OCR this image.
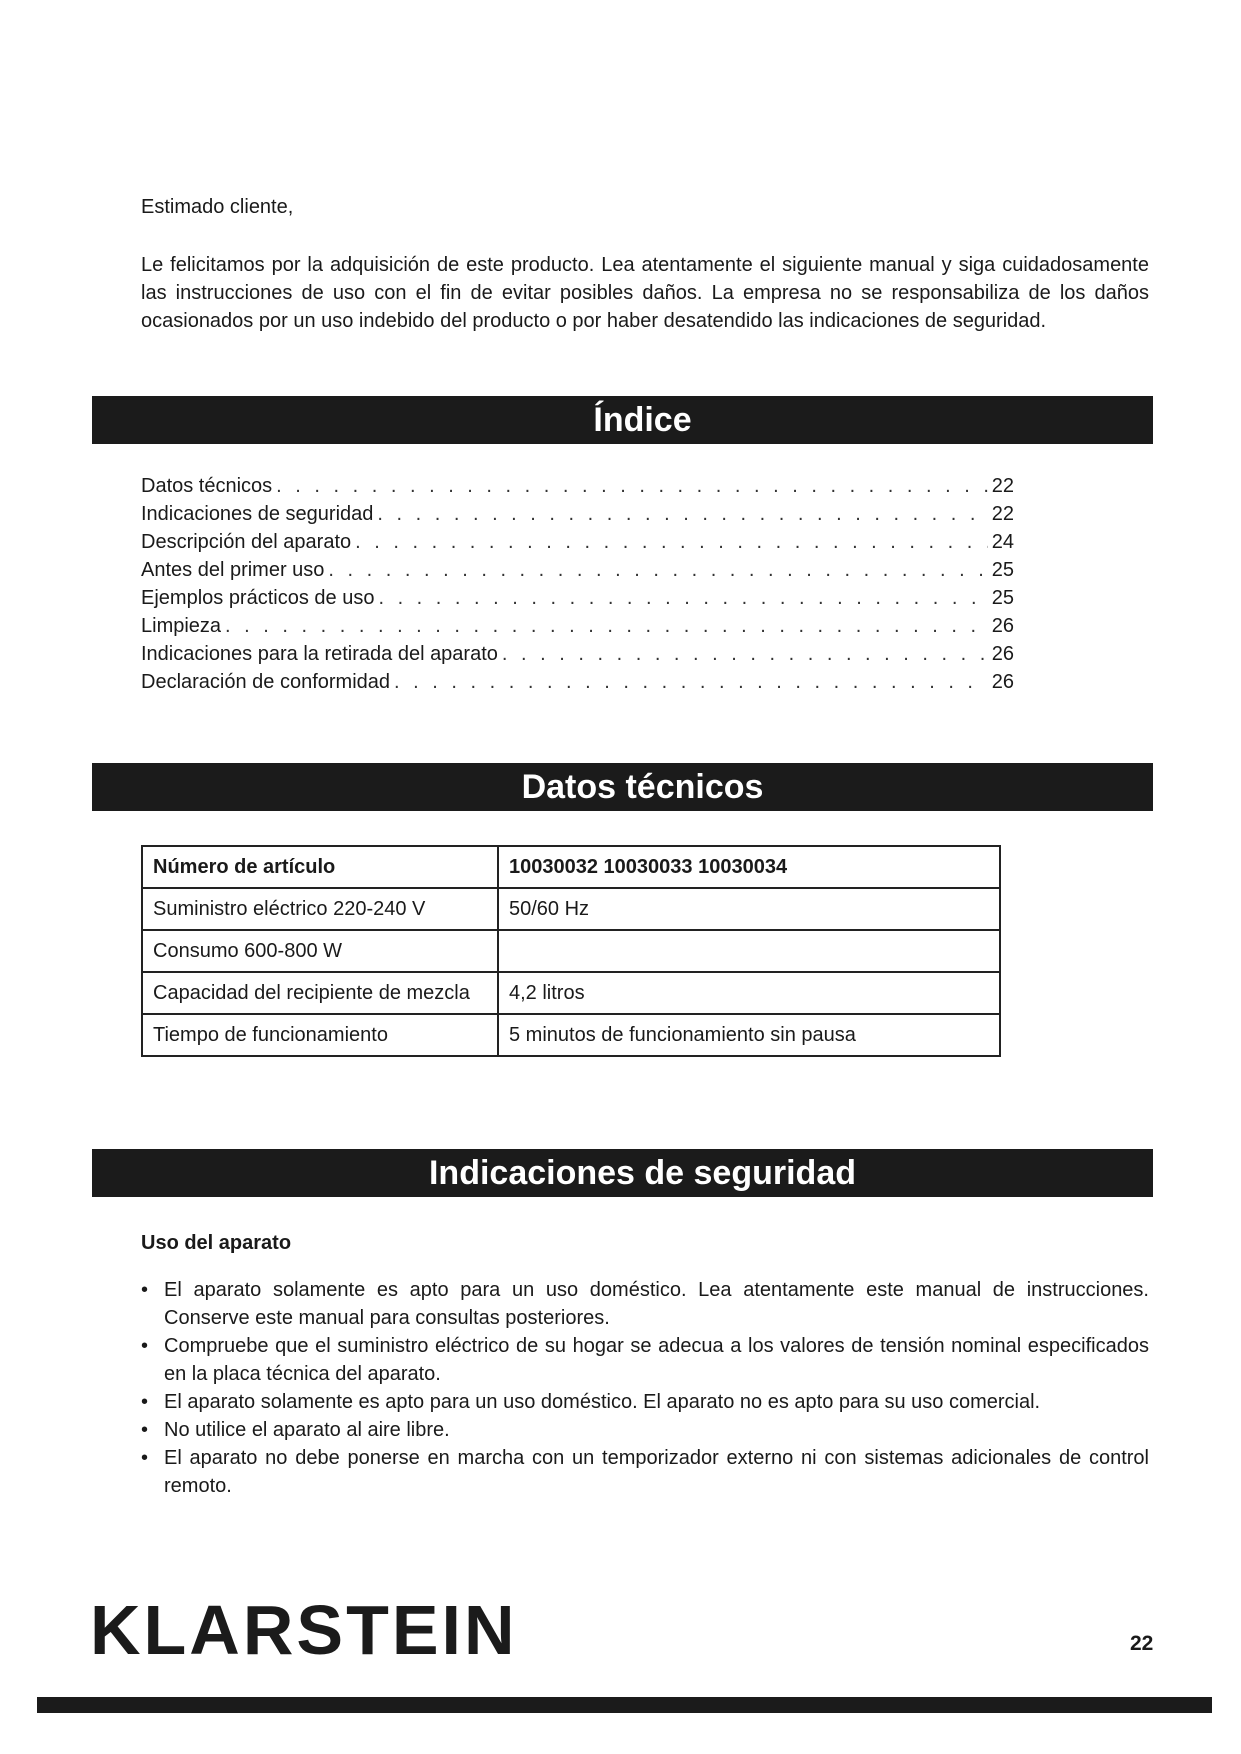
Estimado cliente,
Le felicitamos por la adquisición de este producto. Lea atentamente el siguiente manual y siga cuidadosamente las instrucciones de uso con el fin de evitar posibles daños. La empresa no se responsabiliza de los daños ocasionados por un uso indebido del producto o por haber desatendido las indicaciones de seguridad.
Índice
Datos técnicos . . .	22
Indicaciones de seguridad . . .	22
Descripción del aparato . . .	24
Antes del primer uso . . .	25
Ejemplos prácticos de uso . . .	25
Limpieza . . .	26
Indicaciones para la retirada del aparato . . .	26
Declaración de conformidad . . .	26
Datos técnicos
Número de artículo	10030032 10030033 10030034
Suministro eléctrico 220-240 V	50/60 Hz
Consumo 600-800 W	
Capacidad del recipiente de mezcla	4,2 litros
Tiempo de funcionamiento	5 minutos de funcionamiento sin pausa
Indicaciones de seguridad
Uso del aparato
• El aparato solamente es apto para un uso doméstico. Lea atentamente este manual de instrucciones. Conserve este manual para consultas posteriores.
• Compruebe que el suministro eléctrico de su hogar se adecua a los valores de tensión nominal especificados en la placa técnica del aparato.
• El aparato solamente es apto para un uso doméstico. El aparato no es apto para su uso comercial.
• No utilice el aparato al aire libre.
• El aparato no debe ponerse en marcha con un temporizador externo ni con sistemas adicionales de control remoto.
KLARSTEIN	22
